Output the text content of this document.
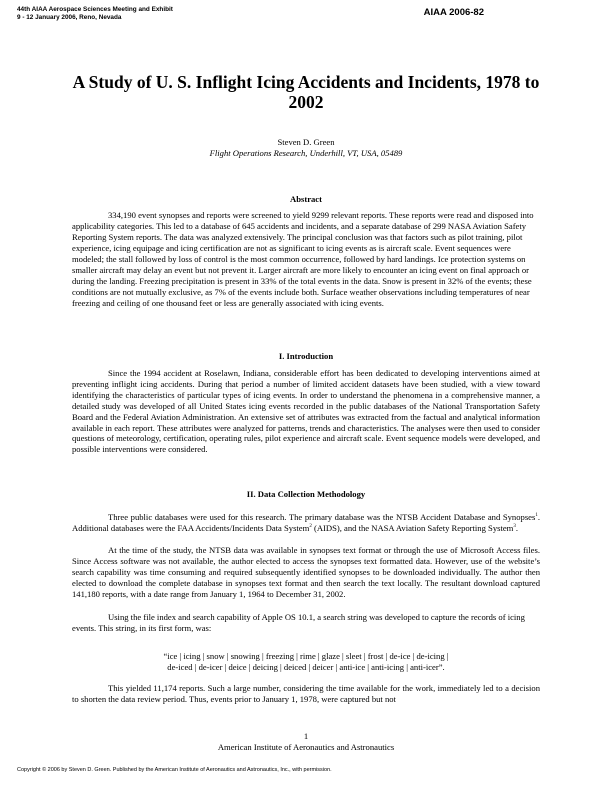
44th AIAA Aerospace Sciences Meeting and Exhibit
9 - 12 January 2006, Reno, Nevada	AIAA 2006-82
A Study of U. S. Inflight Icing Accidents and Incidents, 1978 to 2002
Steven D. Green
Flight Operations Research, Underhill, VT, USA, 05489
Abstract
334,190 event synopses and reports were screened to yield 9299 relevant reports. These reports were read and disposed into applicability categories. This led to a database of 645 accidents and incidents, and a separate database of 299 NASA Aviation Safety Reporting System reports. The data was analyzed extensively. The principal conclusion was that factors such as pilot training, pilot experience, icing equipage and icing certification are not as significant to icing events as is aircraft scale. Event sequences were modeled; the stall followed by loss of control is the most common occurrence, followed by hard landings. Ice protection systems on smaller aircraft may delay an event but not prevent it. Larger aircraft are more likely to encounter an icing event on final approach or during the landing. Freezing precipitation is present in 33% of the total events in the data. Snow is present in 32% of the events; these conditions are not mutually exclusive, as 7% of the events include both. Surface weather observations including temperatures of near freezing and ceiling of one thousand feet or less are generally associated with icing events.
I. Introduction
Since the 1994 accident at Roselawn, Indiana, considerable effort has been dedicated to developing interventions aimed at preventing inflight icing accidents. During that period a number of limited accident datasets have been studied, with a view toward identifying the characteristics of particular types of icing events. In order to understand the phenomena in a comprehensive manner, a detailed study was developed of all United States icing events recorded in the public databases of the National Transportation Safety Board and the Federal Aviation Administration. An extensive set of attributes was extracted from the factual and analytical information available in each report. These attributes were analyzed for patterns, trends and characteristics. The analyses were then used to consider questions of meteorology, certification, operating rules, pilot experience and aircraft scale. Event sequence models were developed, and possible interventions were considered.
II. Data Collection Methodology
Three public databases were used for this research. The primary database was the NTSB Accident Database and Synopses$^1$. Additional databases were the FAA Accidents/Incidents Data System$^2$ (AIDS), and the NASA Aviation Safety Reporting System$^3$.
At the time of the study, the NTSB data was available in synopses text format or through the use of Microsoft Access files. Since Access software was not available, the author elected to access the synopses text formatted data. However, use of the website’s search capability was time consuming and required subsequently identified synopses to be downloaded individually. The author then elected to download the complete database in synopses text format and then search the text locally. The resultant download captured 141,180 reports, with a date range from January 1, 1964 to December 31, 2002.
Using the file index and search capability of Apple OS 10.1, a search string was developed to capture the records of icing events. This string, in its first form, was:
“ice | icing | snow | snowing | freezing | rime | glaze | sleet | frost | de-ice | de-icing |
de-iced | de-icer | deice | deicing | deiced | deicer | anti-ice | anti-icing | anti-icer”.
This yielded 11,174 reports. Such a large number, considering the time available for the work, immediately led to a decision to shorten the data review period. Thus, events prior to January 1, 1978, were captured but not
1
American Institute of Aeronautics and Astronautics
Copyright © 2006 by Steven D. Green. Published by the American Institute of Aeronautics and Astronautics, Inc., with permission.
